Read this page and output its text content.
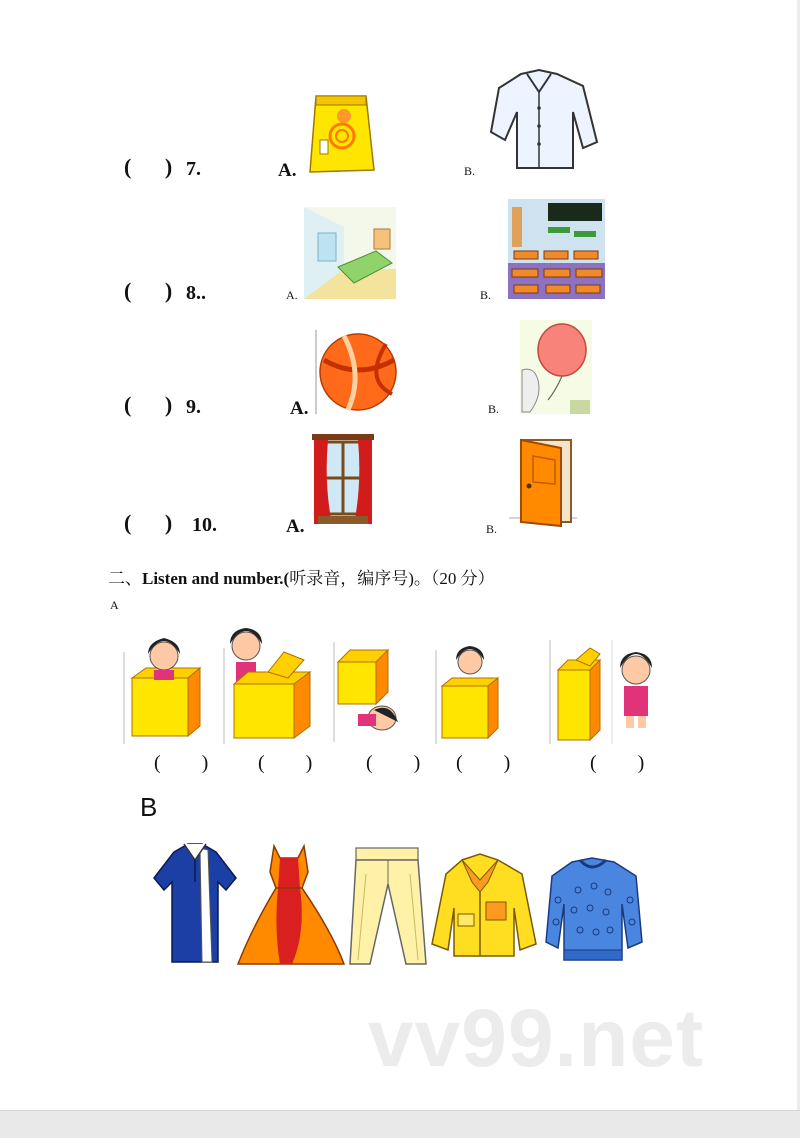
( ) 7.	A.	B.
( ) 8..	A.	B.
( ) 9.	A.	B.
( ) 10.	A.	B.
二、Listen and number.(听录音，编序号)。（20 分）
A
( ) ( ) ( ) ( )	( )
B
vv99.net
